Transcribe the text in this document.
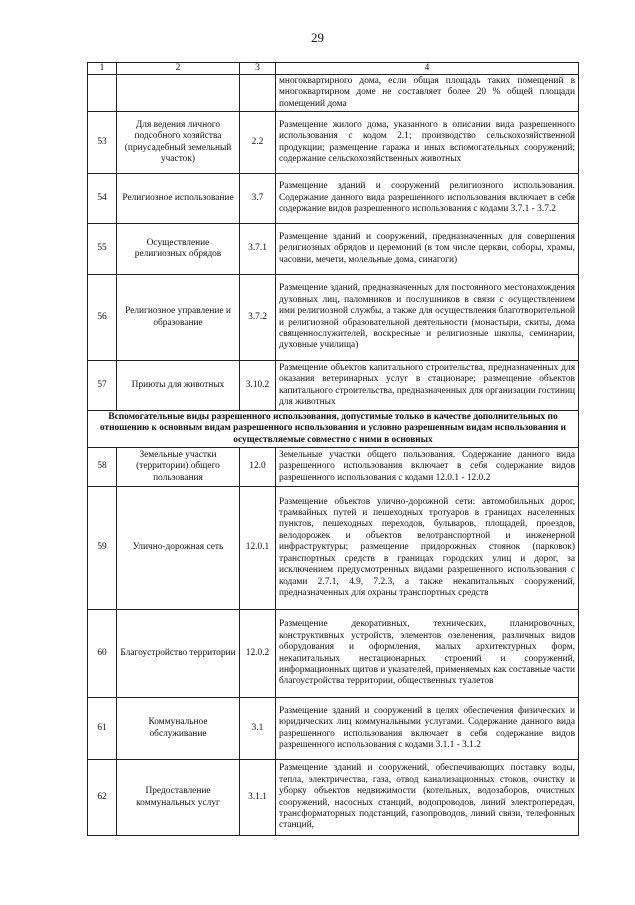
29
1	2	3	4
			многоквартирного дома, если общая площадь таких помещений в многоквартирном доме не составляет более 20 % общей площади помещений дома
53	Для ведения личного подсобного хозяйства (приусадебный земельный участок)	2.2	Размещение жилого дома, указанного в описании вида разрешенного использования с кодом 2.1; производство сельскохозяйственной продукции; размещение гаража и иных вспомогательных сооружений; содержание сельскохозяйственных животных
54	Религиозное использование	3.7	Размещение зданий и сооружений религиозного использования. Содержание данного вида разрешенного использования включает в себя содержание видов разрешенного использования с кодами 3.7.1 - 3.7.2
55	Осуществление религиозных обрядов	3.7.1	Размещение зданий и сооружений, предназначенных для совершения религиозных обрядов и церемоний (в том числе церкви, соборы, храмы, часовни, мечети, молельные дома, синагоги)
56	Религиозное управление и образование	3.7.2	Размещение зданий, предназначенных для постоянного местонахождения духовных лиц, паломников и послушников в связи с осуществлением ими религиозной службы, а также для осуществления благотворительной и религиозной образовательной деятельности (монастыри, скиты, дома священнослужителей, воскресные и религиозные школы, семинарии, духовные училища)
57	Приюты для животных	3.10.2	Размещение объектов капитального строительства, предназначенных для оказания ветеринарных услуг в стационаре; размещение объектов капитального строительства, предназначенных для организации гостиниц для животных
Вспомогательные виды разрешенного использования, допустимые только в качестве дополнительных по отношению к основным видам разрешенного использования и условно разрешенным видам использования и осуществляемые совместно с ними в основных			
58	Земельные участки (территории) общего пользования	12.0	Земельные участки общего пользования. Содержание данного вида разрешенного использования включает в себя содержание видов разрешенного использования с кодами 12.0.1 - 12.0.2
59	Улично-дорожная сеть	12.0.1	Размещение объектов улично-дорожной сети: автомобильных дорог, трамвайных путей и пешеходных тротуаров в границах населенных пунктов, пешеходных переходов, бульваров, площадей, проездов, велодорожек и объектов велотранспортной и инженерной инфраструктуры; размещение придорожных стоянок (парковок) транспортных средств в границах городских улиц и дорог, за исключением предусмотренных видами разрешенного использования с кодами 2.7.1, 4.9, 7.2.3, а также некапитальных сооружений, предназначенных для охраны транспортных средств
60	Благоустройство территории	12.0.2	Размещение декоративных, технических, планировочных, конструктивных устройств, элементов озеленения, различных видов оборудования и оформления, малых архитектурных форм, некапитальных нестационарных строений и сооружений, информационных щитов и указателей, применяемых как составные части благоустройства территории, общественных туалетов
61	Коммунальное обслуживание	3.1	Размещение зданий и сооружений в целях обеспечения физических и юридических лиц коммунальными услугами. Содержание данного вида разрешенного использования включает в себя содержание видов разрешенного использования с кодами 3.1.1 - 3.1.2
62	Предоставление коммунальных услуг	3.1.1	Размещение зданий и сооружений, обеспечивающих поставку воды, тепла, электричества, газа, отвод канализационных стоков, очистку и уборку объектов недвижимости (котельных, водозаборов, очистных сооружений, насосных станций, водопроводов, линий электропередач, трансформаторных подстанций, газопроводов, линий связи, телефонных станций,
